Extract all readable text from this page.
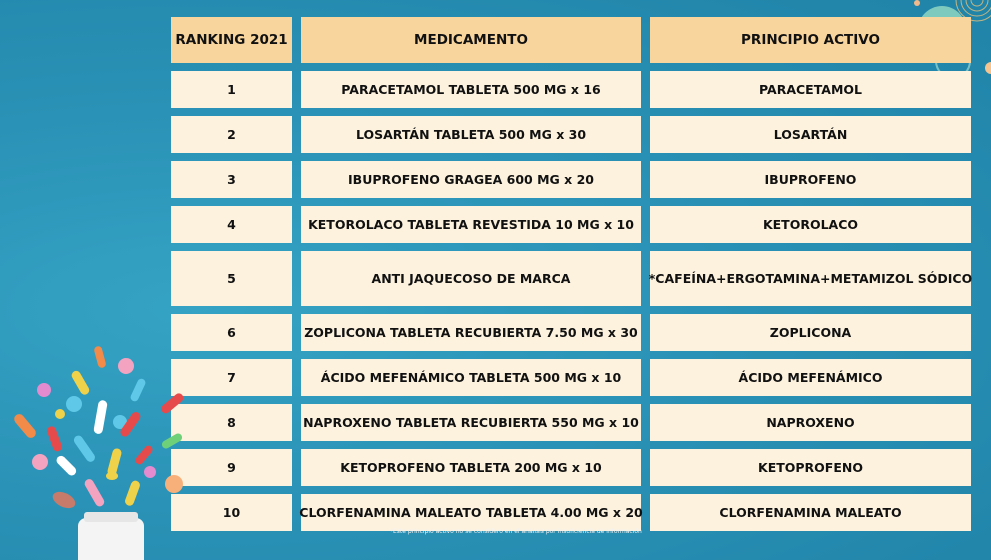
RANKING 2021	MEDICAMENTO	PRINCIPIO ACTIVO
1	PARACETAMOL TABLETA 500 MG x 16	PARACETAMOL
2	LOSARTÁN TABLETA 500 MG x 30	LOSARTÁN
3	IBUPROFENO GRAGEA 600 MG x 20	IBUPROFENO
4	KETOROLACO TABLETA REVESTIDA 10 MG x 10	KETOROLACO
5	ANTI JAQUECOSO DE MARCA	*CAFEÍNA+ERGOTAMINA+METAMIZOL SÓDICO
6	ZOPLICONA TABLETA RECUBIERTA 7.50 MG x 30	ZOPLICONA
7	ÁCIDO MEFENÁMICO TABLETA 500 MG x 10	ÁCIDO MEFENÁMICO
8	NAPROXENO TABLETA RECUBIERTA 550 MG x 10	NAPROXENO
9	KETOPROFENO TABLETA 200 MG x 10	KETOPROFENO
10	CLORFENAMINA MALEATO TABLETA 4.00 MG x 20	CLORFENAMINA MALEATO
*Este principio activo no se consideró en el análisis por insuficiencia de información
